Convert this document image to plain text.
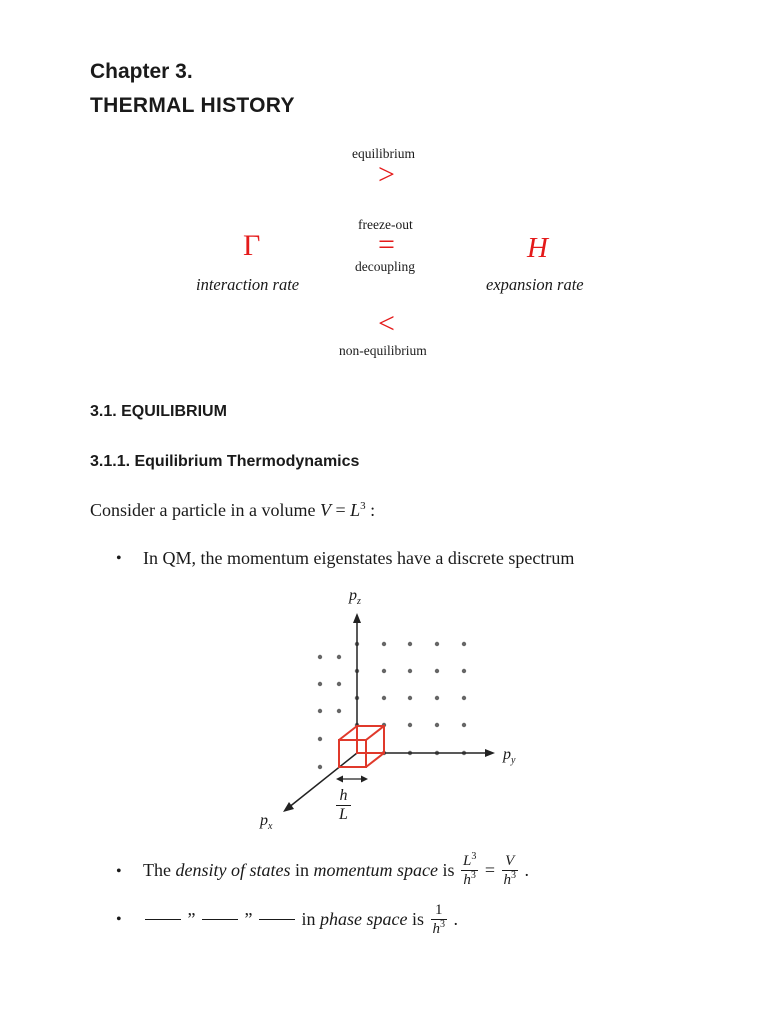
Chapter 3.
THERMAL HISTORY
equilibrium
>
freeze-out
=
decoupling
<
non-equilibrium
Γ
interaction rate
H
expansion rate
3.1. EQUILIBRIUM
3.1.1. Equilibrium Thermodynamics
Consider a particle in a volume $V = L^3$ :
• In QM, the momentum eigenstates have a discrete spectrum
$p_z$
$p_y$
$p_x$
$\frac{h}{L}$
• The
density of states in momentum space is $\frac{L^3}{h^3} = \frac{V}{h^3}$ .
•	” ” in phase space is $\frac{1}{h^3}$ .
